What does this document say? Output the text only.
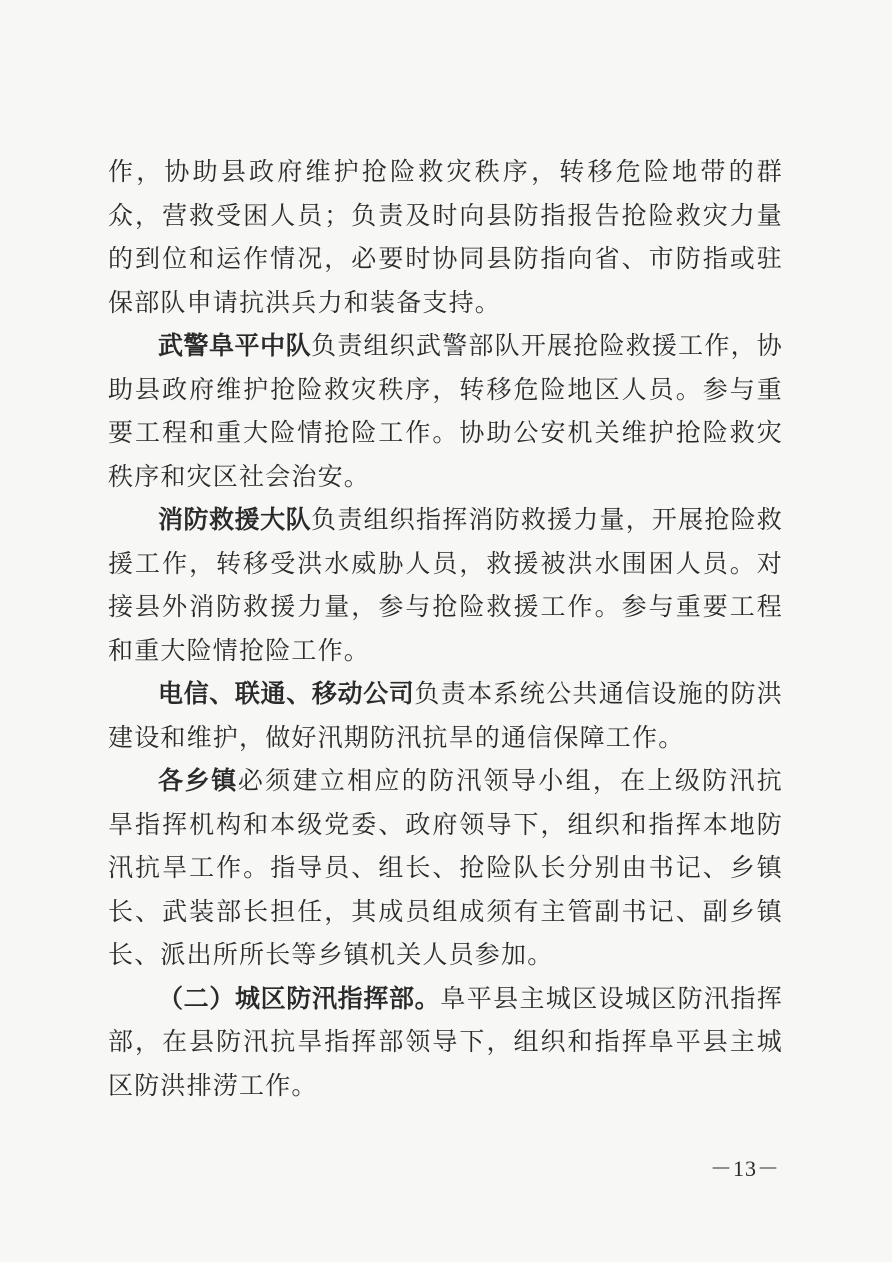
作，协助县政府维护抢险救灾秩序，转移危险地带的群众，营救受困人员；负责及时向县防指报告抢险救灾力量的到位和运作情况，必要时协同县防指向省、市防指或驻保部队申请抗洪兵力和装备支持。

武警阜平中队负责组织武警部队开展抢险救援工作，协助县政府维护抢险救灾秩序，转移危险地区人员。参与重要工程和重大险情抢险工作。协助公安机关维护抢险救灾秩序和灾区社会治安。

消防救援大队负责组织指挥消防救援力量，开展抢险救援工作，转移受洪水威胁人员，救援被洪水围困人员。对接县外消防救援力量，参与抢险救援工作。参与重要工程和重大险情抢险工作。

电信、联通、移动公司负责本系统公共通信设施的防洪建设和维护，做好汛期防汛抗旱的通信保障工作。

各乡镇必须建立相应的防汛领导小组，在上级防汛抗旱指挥机构和本级党委、政府领导下，组织和指挥本地防汛抗旱工作。指导员、组长、抢险队长分别由书记、乡镇长、武装部长担任，其成员组成须有主管副书记、副乡镇长、派出所所长等乡镇机关人员参加。

（二）城区防汛指挥部。阜平县主城区设城区防汛指挥部，在县防汛抗旱指挥部领导下，组织和指挥阜平县主城区防洪排涝工作。

－13－
